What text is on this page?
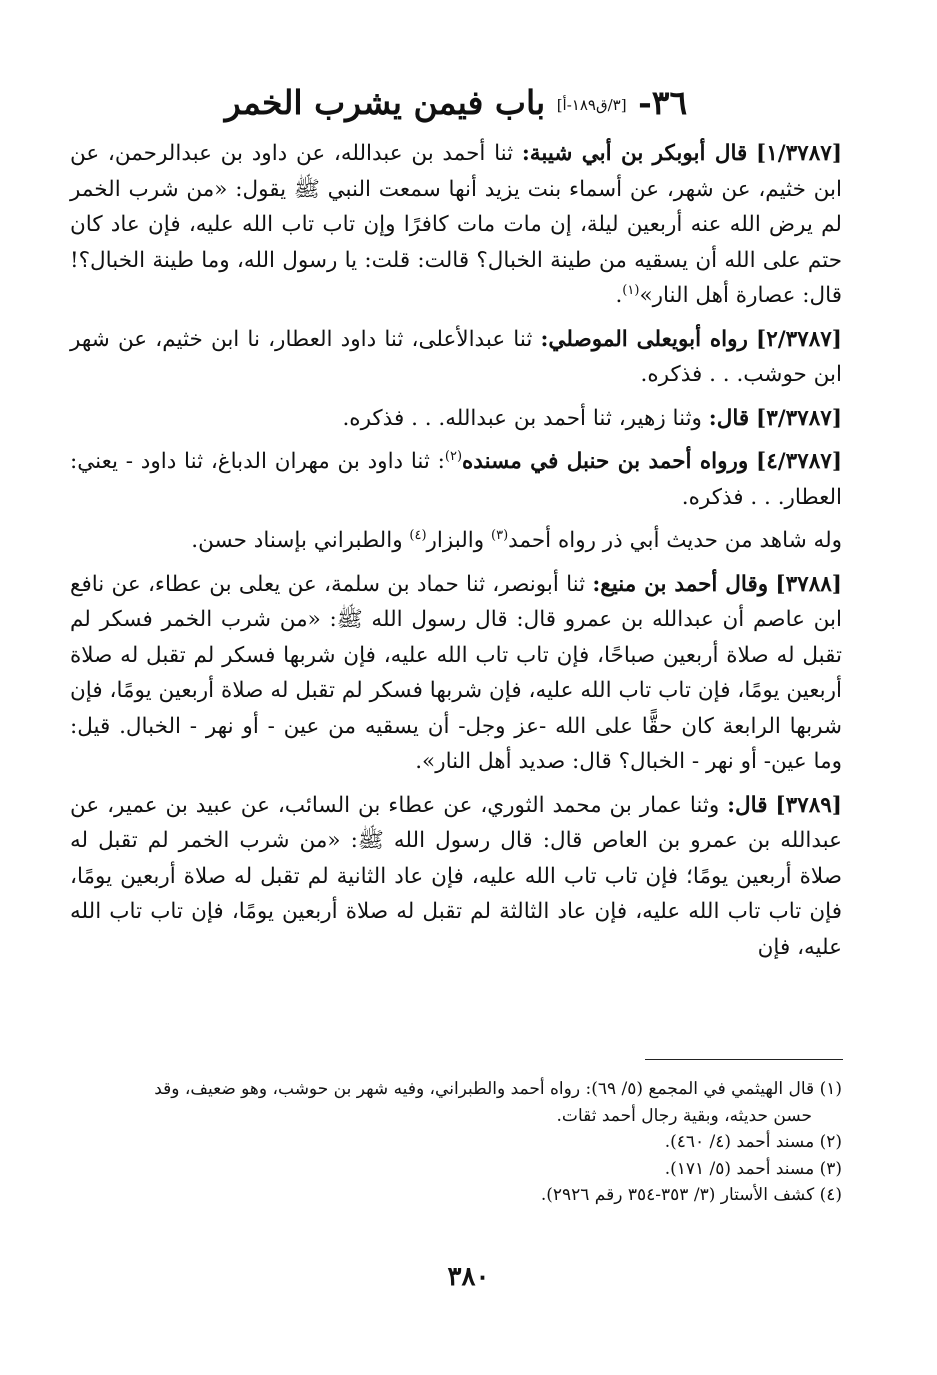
٣٦- [٣/ق١٨٩-أ] باب فيمن يشرب الخمر

[١/٣٧٨٧] قال أبوبكر بن أبي شيبة: ثنا أحمد بن عبدالله، عن داود بن عبدالرحمن، عن ابن خثيم، عن شهر، عن أسماء بنت يزيد أنها سمعت النبي ﷺ يقول: «من شرب الخمر لم يرض الله عنه أربعين ليلة، إن مات مات كافرًا وإن تاب تاب الله عليه، فإن عاد كان حتم على الله أن يسقيه من طينة الخبال؟ قالت: قلت: يا رسول الله، وما طينة الخبال؟! قال: عصارة أهل النار»$^{(١)}$.

[٢/٣٧٨٧] رواه أبويعلى الموصلي: ثنا عبدالأعلى، ثنا داود العطار، نا ابن خثيم، عن شهر ابن حوشب. . . فذكره.

[٣/٣٧٨٧] قال: وثنا زهير، ثنا أحمد بن عبدالله. . . فذكره.

[٤/٣٧٨٧] ورواه أحمد بن حنبل في مسنده$^{(٢)}$: ثنا داود بن مهران الدباغ، ثنا داود - يعني: العطار. . . فذكره.

وله شاهد من حديث أبي ذر رواه أحمد$^{(٣)}$ والبزار$^{(٤)}$ والطبراني بإسناد حسن.

[٣٧٨٨] وقال أحمد بن منيع: ثنا أبونصر، ثنا حماد بن سلمة، عن يعلى بن عطاء، عن نافع ابن عاصم أن عبدالله بن عمرو قال: قال رسول الله ﷺ: «من شرب الخمر فسكر لم تقبل له صلاة أربعين صباحًا، فإن تاب تاب الله عليه، فإن شربها فسكر لم تقبل له صلاة أربعين يومًا، فإن تاب تاب الله عليه، فإن شربها فسكر لم تقبل له صلاة أربعين يومًا، فإن شربها الرابعة كان حقًّا على الله -عز وجل- أن يسقيه من عين - أو نهر - الخبال. قيل: وما عين- أو نهر - الخبال؟ قال: صديد أهل النار».

[٣٧٨٩] قال: وثنا عمار بن محمد الثوري، عن عطاء بن السائب، عن عبيد بن عمير، عن عبدالله بن عمرو بن العاص قال: قال رسول الله ﷺ: «من شرب الخمر لم تقبل له صلاة أربعين يومًا؛ فإن تاب تاب الله عليه، فإن عاد الثانية لم تقبل له صلاة أربعين يومًا، فإن تاب تاب الله عليه، فإن عاد الثالثة لم تقبل له صلاة أربعين يومًا، فإن تاب تاب الله عليه، فإن

(١) قال الهيثمي في المجمع (٥/ ٦٩): رواه أحمد والطبراني، وفيه شهر بن حوشب، وهو ضعيف، وقد

حسن حديثه، وبقية رجال أحمد ثقات.

(٢) مسند أحمد (٤/ ٤٦٠).

(٣) مسند أحمد (٥/ ١٧١).

(٤) كشف الأستار (٣/ ٣٥٣-٣٥٤ رقم ٢٩٢٦).

٣٨٠
